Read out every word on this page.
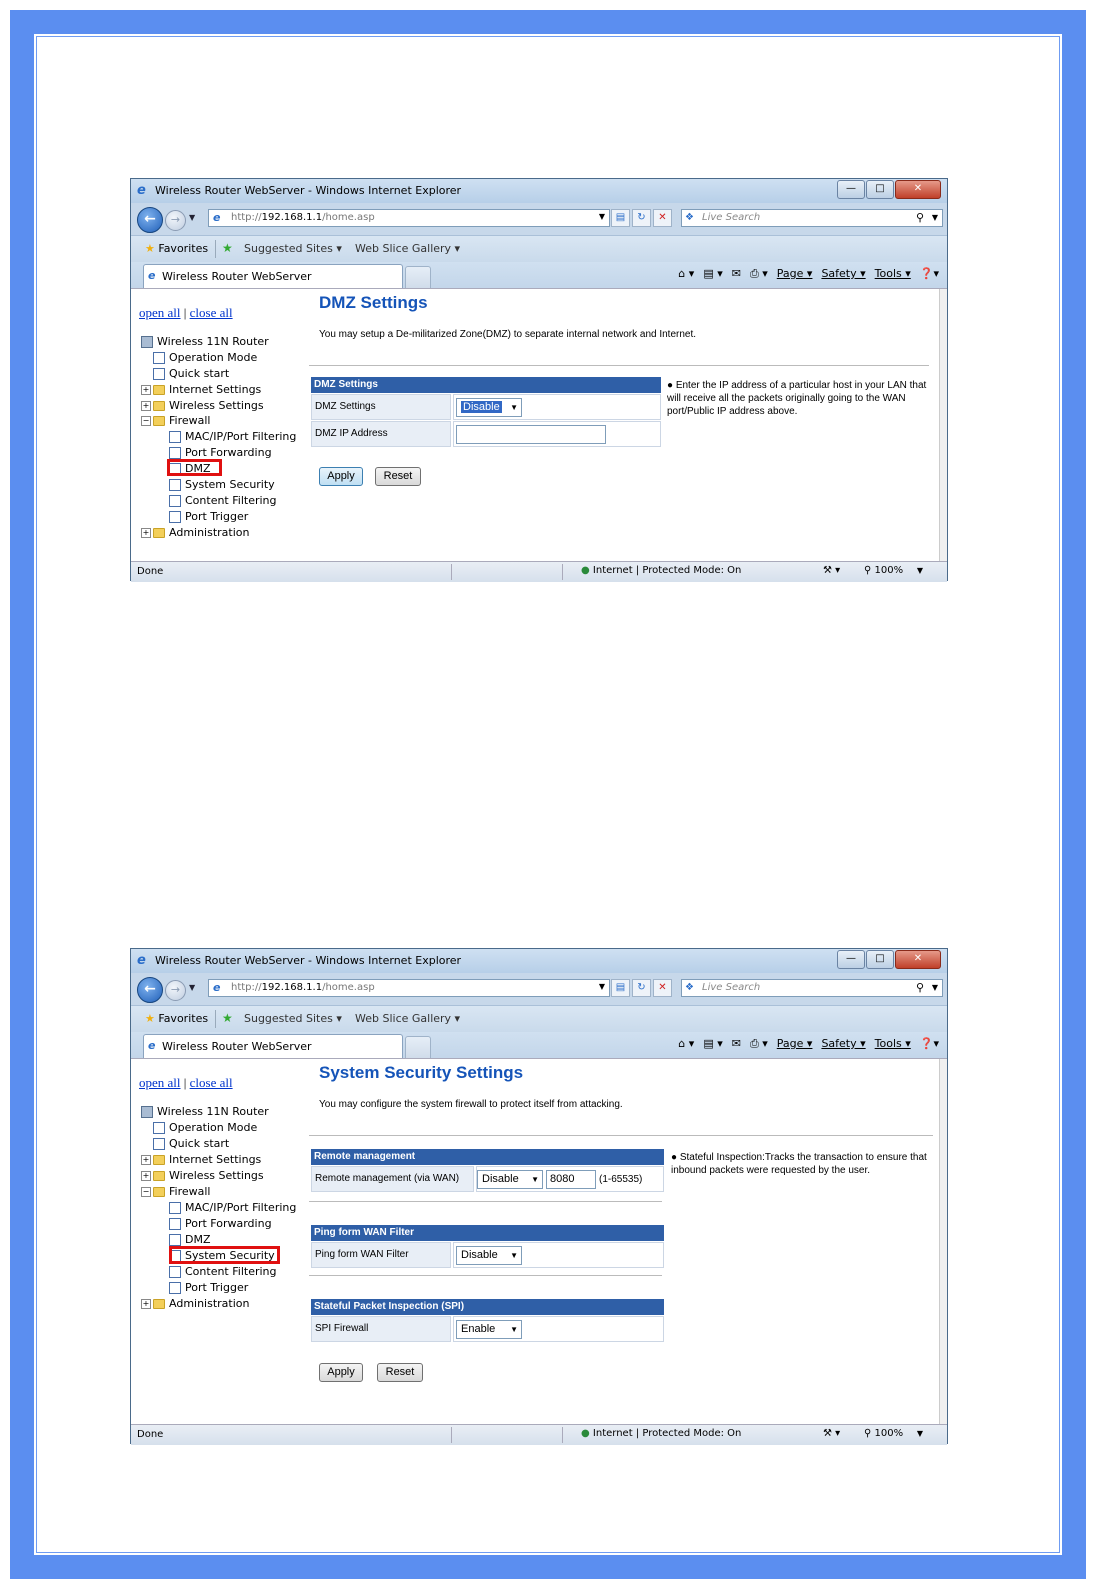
e Wireless Router WebServer - Windows Internet Explorer	—	□	✕
←	→	▼ e	http://192.168.1.1/home.asp	▼	▤	↻	✕	❖ Live Search	⚲ ▼
★ Favorites ★ Suggested Sites ▾ Web Slice Gallery ▾
e Wireless Router WebServer	⌂ ▾ ▤ ▾ ✉ ⎙ ▾ Page ▾ Safety ▾ Tools ▾ ❓▾
open all | close all
Wireless 11N Router
Operation Mode
Quick start
+ Internet Settings
+ Wireless Settings
− Firewall
MAC/IP/Port Filtering
Port Forwarding
DMZ
System Security
Content Filtering
Port Trigger
+ Administration
DMZ Settings
You may setup a De-militarized Zone(DMZ) to separate internal network and Internet.
DMZ Settings
DMZ Settings	Disable ▼
DMZ IP Address
Apply	Reset
● Enter the IP address of a particular host in your LAN that will receive all the packets originally going to the WAN port/Public IP address above.
Done	● Internet | Protected Mode: On	⚒ ▾ ⚲ 100% ▼
e Wireless Router WebServer - Windows Internet Explorer	—	□	✕
←	→	▼ e	http://192.168.1.1/home.asp	▼	▤	↻	✕	❖ Live Search	⚲ ▼
★ Favorites ★ Suggested Sites ▾ Web Slice Gallery ▾
e Wireless Router WebServer	⌂ ▾ ▤ ▾ ✉ ⎙ ▾ Page ▾ Safety ▾ Tools ▾ ❓▾
open all | close all
Wireless 11N Router
Operation Mode
Quick start
+ Internet Settings
+ Wireless Settings
− Firewall
MAC/IP/Port Filtering
Port Forwarding
DMZ
System Security
Content Filtering
Port Trigger
+ Administration
System Security Settings
You may configure the system firewall to protect itself from attacking.
Remote management
Remote management (via WAN)	Disable ▼	8080	(1-65535)
Ping form WAN Filter
Ping form WAN Filter	Disable ▼
Stateful Packet Inspection (SPI)
SPI Firewall	Enable ▼
Apply	Reset
● Stateful Inspection:Tracks the transaction to ensure that inbound packets were requested by the user.
Done	● Internet | Protected Mode: On	⚒ ▾ ⚲ 100% ▼
